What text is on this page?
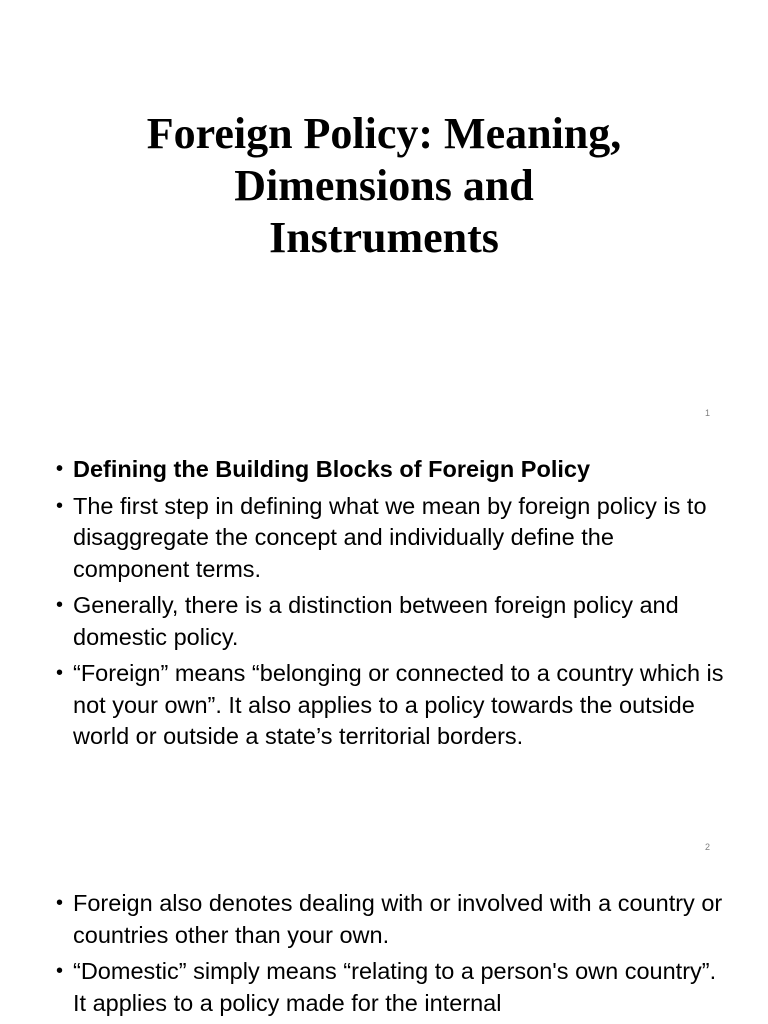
Foreign Policy: Meaning,
Dimensions and
Instruments
1
• Defining the Building Blocks of Foreign Policy
• The first step in defining what we mean by foreign policy is to disaggregate the concept and individually define the component terms.
• Generally, there is a distinction between foreign policy and domestic policy.
• “Foreign” means “belonging or connected to a country which is not your own”. It also applies to a policy towards the outside world or outside a state’s territorial borders.
2
• Foreign also denotes dealing with or involved with a country or countries other than your own.
• “Domestic” simply means “relating to a person's own country”. It applies to a policy made for the internal
